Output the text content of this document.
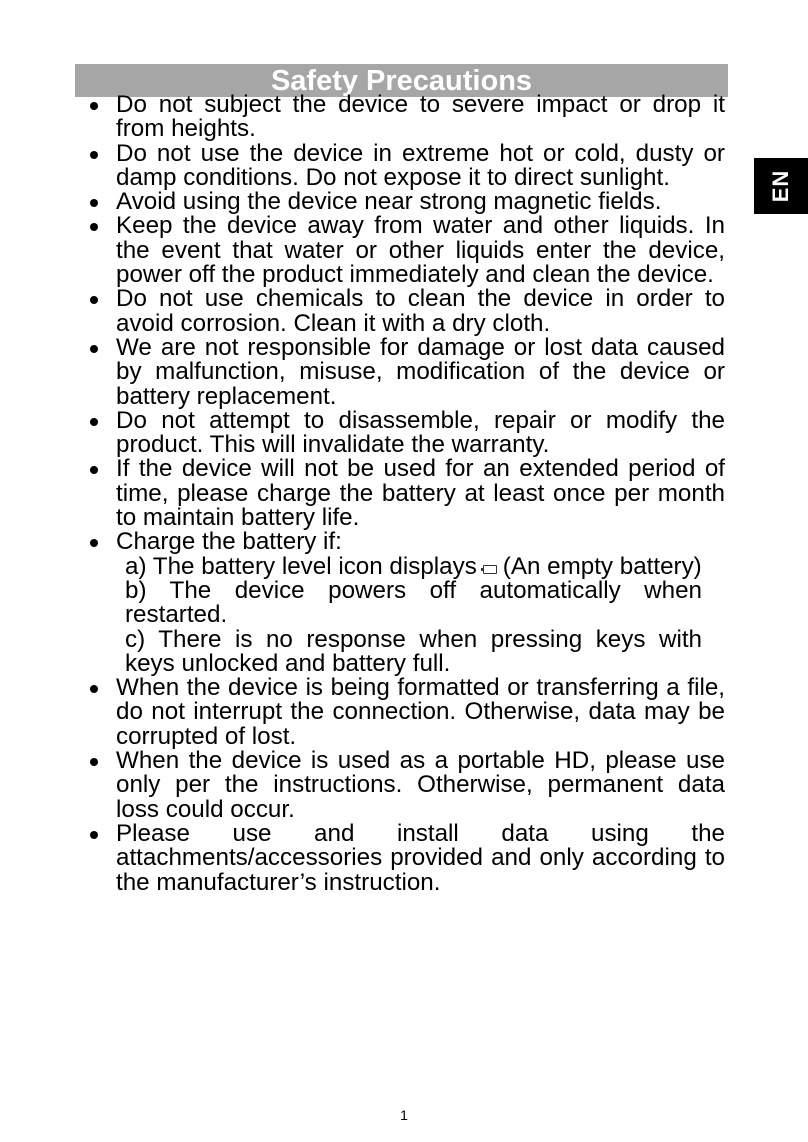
Safety Precautions
EN
Do not subject the device to severe impact or drop it from heights.
Do not use the device in extreme hot or cold, dusty or damp conditions. Do not expose it to direct sunlight.
Avoid using the device near strong magnetic fields.
Keep the device away from water and other liquids. In the event that water or other liquids enter the device, power off the product immediately and clean the device.
Do not use chemicals to clean the device in order to avoid corrosion. Clean it with a dry cloth.
We are not responsible for damage or lost data caused by malfunction, misuse, modification of the device or battery replacement.
Do not attempt to disassemble, repair or modify the product. This will invalidate the warranty.
If the device will not be used for an extended period of time, please charge the battery at least once per month to maintain battery life.
Charge the battery if:
a) The battery level icon displays (An empty battery)
b) The device powers off automatically when restarted.
c) There is no response when pressing keys with keys unlocked and battery full.
When the device is being formatted or transferring a file, do not interrupt the connection. Otherwise, data may be corrupted of lost.
When the device is used as a portable HD, please use only per the instructions. Otherwise, permanent data loss could occur.
Please use and install data using the attachments/accessories provided and only according to the manufacturer’s instruction.
1
